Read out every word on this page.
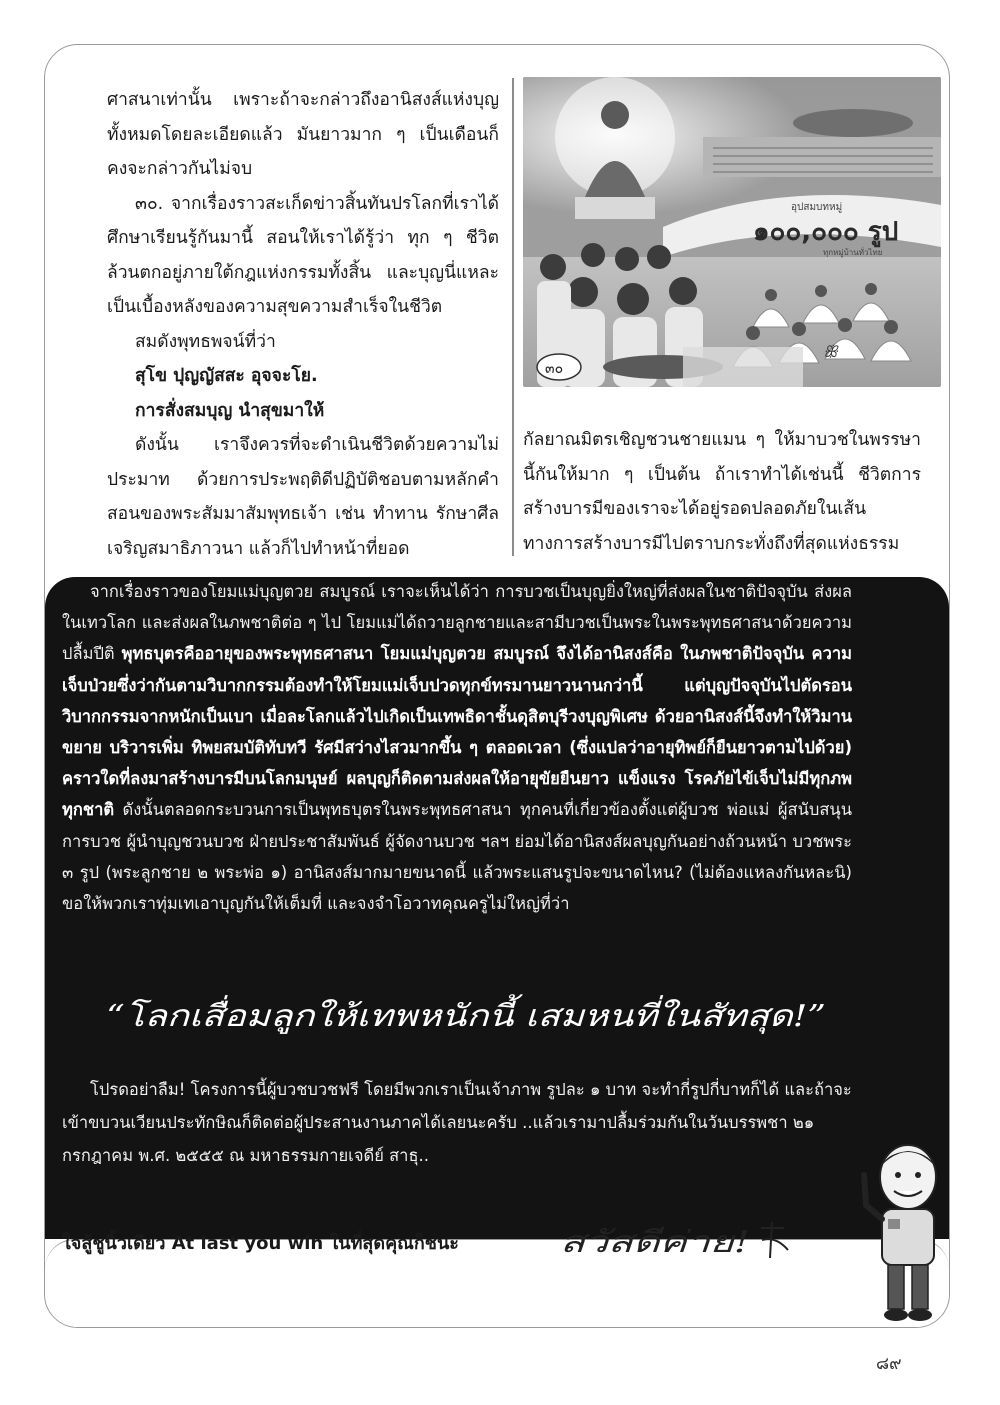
ศาสนาเท่านั้น เพราะถ้าจะกล่าวถึงอานิสงส์แห่งบุญทั้งหมดโดยละเอียดแล้ว มันยาวมาก ๆ เป็นเดือนก็คงจะกล่าวกันไม่จบ

๓๐. จากเรื่องราวสะเก็ดข่าวสิ้นทันปรโลกที่เราได้ศึกษาเรียนรู้กันมานี้ สอนให้เราได้รู้ว่า ทุก ๆ ชีวิตล้วนตกอยู่ภายใต้กฎแห่งกรรมทั้งสิ้น และบุญนี่แหละเป็นเบื้องหลังของความสุขความสำเร็จในชีวิต

สมดังพุทธพจน์ที่ว่า

สุโข ปุญญัสสะ อุจจะโย.

การสั่งสมบุญ นำสุขมาให้

ดังนั้น เราจึงควรที่จะดำเนินชีวิตด้วยความไม่ประมาท ด้วยการประพฤติดีปฏิบัติชอบตามหลักคำสอนของพระสัมมาสัมพุทธเจ้า เช่น ทำทาน รักษาศีล เจริญสมาธิภาวนา แล้วก็ไปทำหน้าที่ยอด

อุปสมบทหมู่
๑๐๐,๐๐๐ รูป
ทุกหมู่บ้านทั่วไทย
๓๐
ꕥ

กัลยาณมิตรเชิญชวนชายแมน ๆ ให้มาบวชในพรรษานี้กันให้มาก ๆ เป็นต้น ถ้าเราทำได้เช่นนี้ ชีวิตการสร้างบารมีของเราจะได้อยู่รอดปลอดภัยในเส้นทางการสร้างบารมีไปตราบกระทั่งถึงที่สุดแห่งธรรม

จากเรื่องราวของโยมแม่บุญตวย สมบูรณ์ เราจะเห็นได้ว่า การบวชเป็นบุญยิ่งใหญ่ที่ส่งผลในชาติปัจจุบัน ส่งผลในเทวโลก และส่งผลในภพชาติต่อ ๆ ไป โยมแม่ได้ถวายลูกชายและสามีบวชเป็นพระในพระพุทธศาสนาด้วยความปลื้มปีติ พุทธบุตรคืออายุของพระพุทธศาสนา โยมแม่บุญตวย สมบูรณ์ จึงได้อานิสงส์คือ ในภพชาติปัจจุบัน ความเจ็บป่วยซึ่งว่ากันตามวิบากกรรมต้องทำให้โยมแม่เจ็บปวดทุกข์ทรมานยาวนานกว่านี้ แต่บุญปัจจุบันไปตัดรอนวิบากกรรมจากหนักเป็นเบา เมื่อละโลกแล้วไปเกิดเป็นเทพธิดาชั้นดุสิตบุรีวงบุญพิเศษ ด้วยอานิสงส์นี้จึงทำให้วิมานขยาย บริวารเพิ่ม ทิพยสมบัติทับทวี รัศมีสว่างไสวมากขึ้น ๆ ตลอดเวลา (ซึ่งแปลว่าอายุทิพย์ก็ยืนยาวตามไปด้วย) คราวใดที่ลงมาสร้างบารมีบนโลกมนุษย์ ผลบุญก็ติดตามส่งผลให้อายุขัยยืนยาว แข็งแรง โรคภัยไข้เจ็บไม่มีทุกภพทุกชาติ ดังนั้นตลอดกระบวนการเป็นพุทธบุตรในพระพุทธศาสนา ทุกคนที่เกี่ยวข้องตั้งแต่ผู้บวช พ่อแม่ ผู้สนับสนุนการบวช ผู้นำบุญชวนบวช ฝ่ายประชาสัมพันธ์ ผู้จัดงานบวช ฯลฯ ย่อมได้อานิสงส์ผลบุญกันอย่างถ้วนหน้า บวชพระ ๓ รูป (พระลูกชาย ๒ พระพ่อ ๑) อานิสงส์มากมายขนาดนี้ แล้วพระแสนรูปจะขนาดไหน? (ไม่ต้องแหลงกันหละนิ) ขอให้พวกเราทุ่มเทเอาบุญกันให้เต็มที่ และจงจำโอวาทคุณครูไม่ใหญ่ที่ว่า

“โลกเสื่อมลูกให้เทพหนักนี้ เสมหนที่ในสัทสุด!”

โปรดอย่าลืม! โครงการนี้ผู้บวชบวชฟรี โดยมีพวกเราเป็นเจ้าภาพ รูปละ ๑ บาท จะทำกี่รูปกี่บาทก็ได้ และถ้าจะเข้าขบวนเวียนประทักษิณก็ติดต่อผู้ประสานงานภาคได้เลยนะครับ ..แล้วเรามาปลื้มร่วมกันในวันบรรพชา ๒๑ กรกฎาคม พ.ศ. ๒๕๕๕ ณ มหาธรรมกายเจดีย์ สาธุ..

ใจสู้ชูนิ้วเดียว At last you win ในที่สุดคุณก็ชนะ	สวัสดีค่าย!
๘๙
